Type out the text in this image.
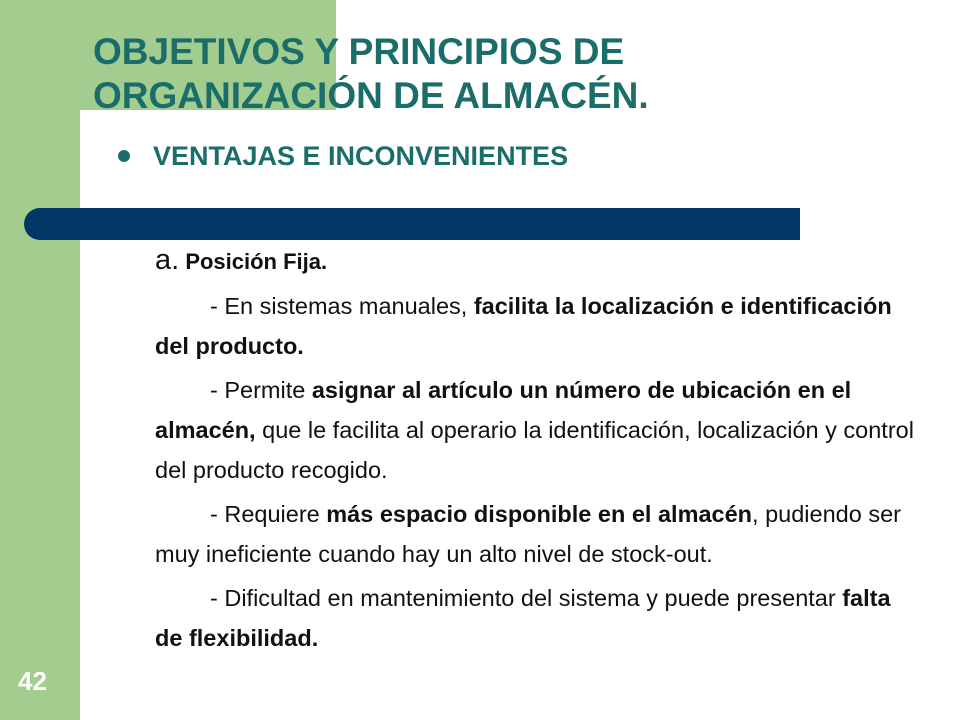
OBJETIVOS Y PRINCIPIOS DE
ORGANIZACIÓN DE ALMACÉN.
VENTAJAS E INCONVENIENTES

a. Posición Fija.

- En sistemas manuales, facilita la localización e identificación del producto.

- Permite asignar al artículo un número de ubicación en el almacén, que le facilita al operario la identificación, localización y control del producto recogido.

- Requiere más espacio disponible en el almacén, pudiendo ser muy ineficiente cuando hay un alto nivel de stock-out.

- Dificultad en mantenimiento del sistema y puede presentar falta de flexibilidad.

42
